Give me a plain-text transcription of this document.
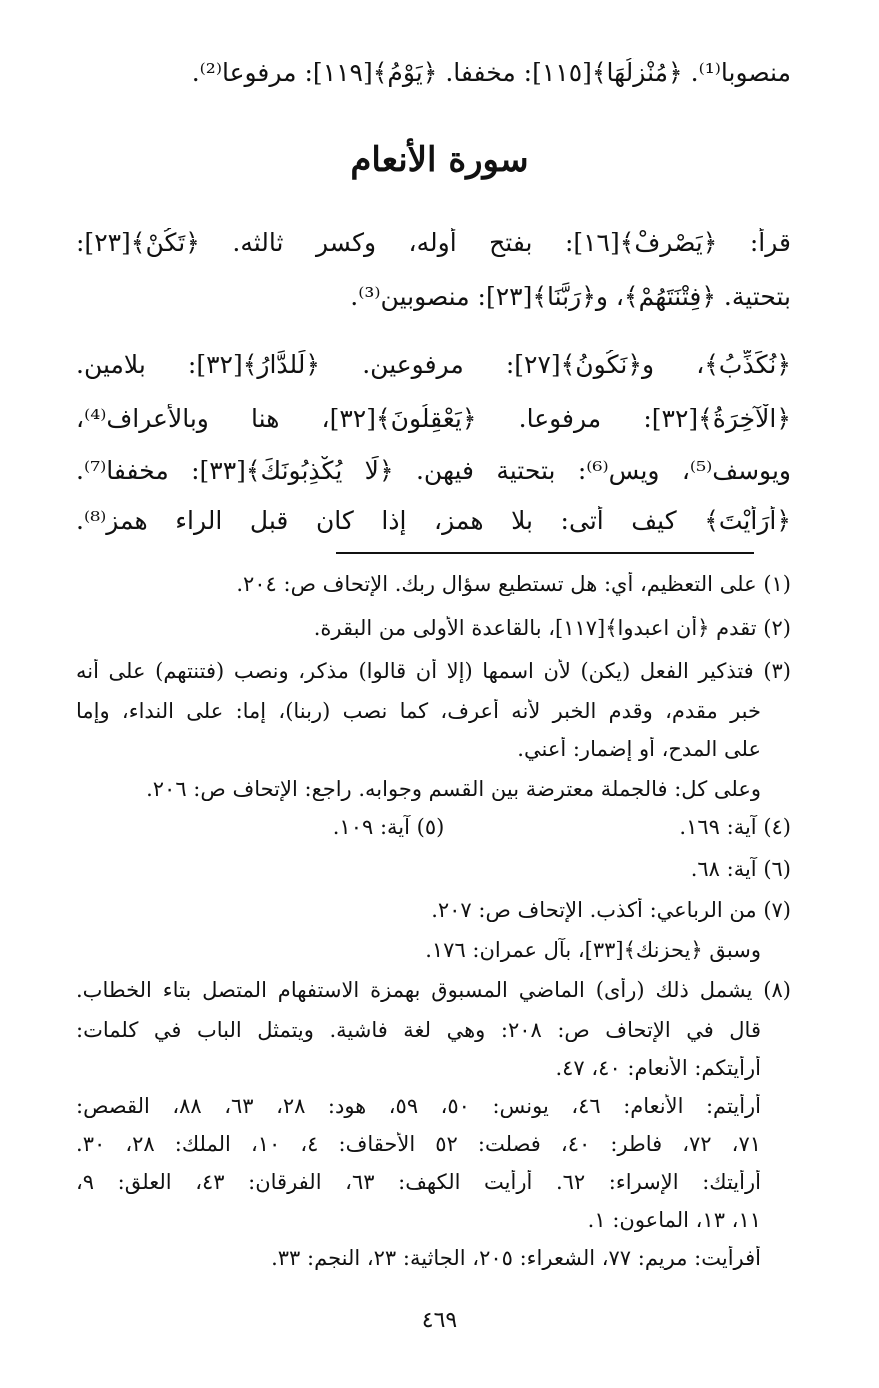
منصوبا⁽¹⁾. ﴿مُنْزِلُهَا﴾[١١٥]: مخففا. ﴿يَوْمُ﴾[١١٩]: مرفوعا⁽²⁾.
سورة الأنعام
قرأ: ﴿يَصْرِفْ﴾[١٦]: بفتح أوله، وكسر ثالثه. ﴿تَكُنْ﴾[٢٣]:
بتحتية. ﴿فِتْنَتَهُمْ﴾، و﴿رَبَّنَا﴾[٢٣]: منصوبين⁽³⁾.
﴿نُكَذِّبُ﴾، و﴿نَكُونُ﴾[٢٧]: مرفوعين. ﴿لَلدَّارُ﴾[٣٢]: بلامين.
﴿الْآخِرَةُ﴾[٣٢]: مرفوعا. ﴿يَعْقِلُونَ﴾[٣٢]، هنا وبالأعراف⁽⁴⁾،
ويوسف⁽⁵⁾، ويس⁽⁶⁾: بتحتية فيهن. ﴿لَا يُكْذِبُونَكَ﴾[٣٣]: مخففا⁽⁷⁾.
﴿أَرَأَيْتَ﴾ كيف أتى: بلا همز، إذا كان قبل الراء همز⁽⁸⁾.
(١) على التعظيم، أي: هل تستطيع سؤال ربك. الإتحاف ص: ٢٠٤.
(٢) تقدم ﴿أن اعبدوا﴾[١١٧]، بالقاعدة الأولى من البقرة.
(٣) فتذكير الفعل (يكن) لأن اسمها (إلا أن قالوا) مذكر، ونصب (فتنتهم) على أنه
خبر مقدم، وقدم الخبر لأنه أعرف، كما نصب (ربنا)، إما: على النداء، وإما
على المدح، أو إضمار: أعني.
وعلى كل: فالجملة معترضة بين القسم وجوابه. راجع: الإتحاف ص: ٢٠٦.
(٤) آية: ١٦٩. (٥) آية: ١٠٩.
(٦) آية: ٦٨.
(٧) من الرباعي: أكذب. الإتحاف ص: ٢٠٧.
وسبق ﴿يحزنك﴾[٣٣]، بآل عمران: ١٧٦.
(٨) يشمل ذلك (رأى) الماضي المسبوق بهمزة الاستفهام المتصل بتاء الخطاب.
قال في الإتحاف ص: ٢٠٨: وهي لغة فاشية. ويتمثل الباب في كلمات:
أرأيتكم: الأنعام: ٤٠، ٤٧.
أرأيتم: الأنعام: ٤٦، يونس: ٥٠، ٥٩، هود: ٢٨، ٦٣، ٨٨، القصص:
٧١، ٧٢، فاطر: ٤٠، فصلت: ٥٢ الأحقاف: ٤، ١٠، الملك: ٢٨، ٣٠.
أرأيتك: الإسراء: ٦٢. أرأيت الكهف: ٦٣، الفرقان: ٤٣، العلق: ٩،
١١، ١٣، الماعون: ١.
أفرأيت: مريم: ٧٧، الشعراء: ٢٠٥، الجاثية: ٢٣، النجم: ٣٣.
٤٦٩
